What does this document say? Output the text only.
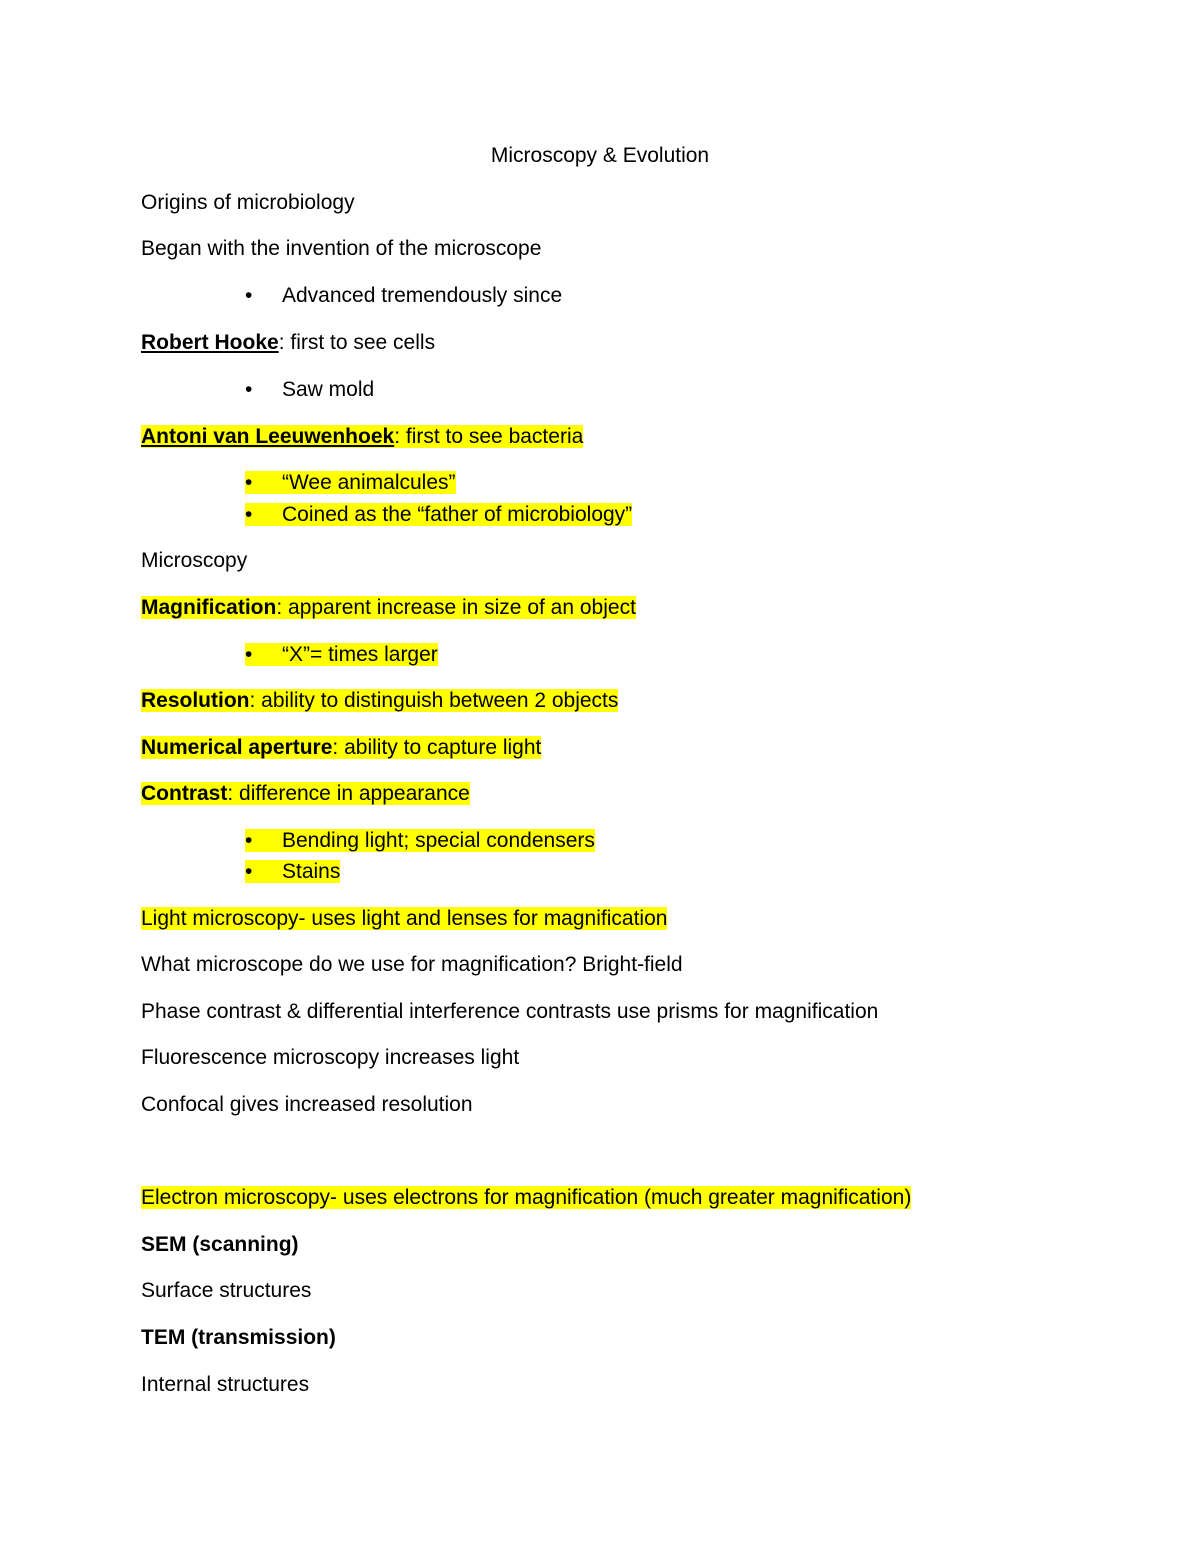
Microscopy & Evolution
Origins of microbiology
Began with the invention of the microscope
• Advanced tremendously since
Robert Hooke: first to see cells
• Saw mold
Antoni van Leeuwenhoek: first to see bacteria
• “Wee animalcules”
• Coined as the “father of microbiology”
Microscopy
Magnification: apparent increase in size of an object
• “X”= times larger
Resolution: ability to distinguish between 2 objects
Numerical aperture: ability to capture light
Contrast: difference in appearance
• Bending light; special condensers
• Stains
Light microscopy- uses light and lenses for magnification
What microscope do we use for magnification? Bright-field
Phase contrast & differential interference contrasts use prisms for magnification
Fluorescence microscopy increases light
Confocal gives increased resolution
Electron microscopy- uses electrons for magnification (much greater magnification)
SEM (scanning)
Surface structures
TEM (transmission)
Internal structures
